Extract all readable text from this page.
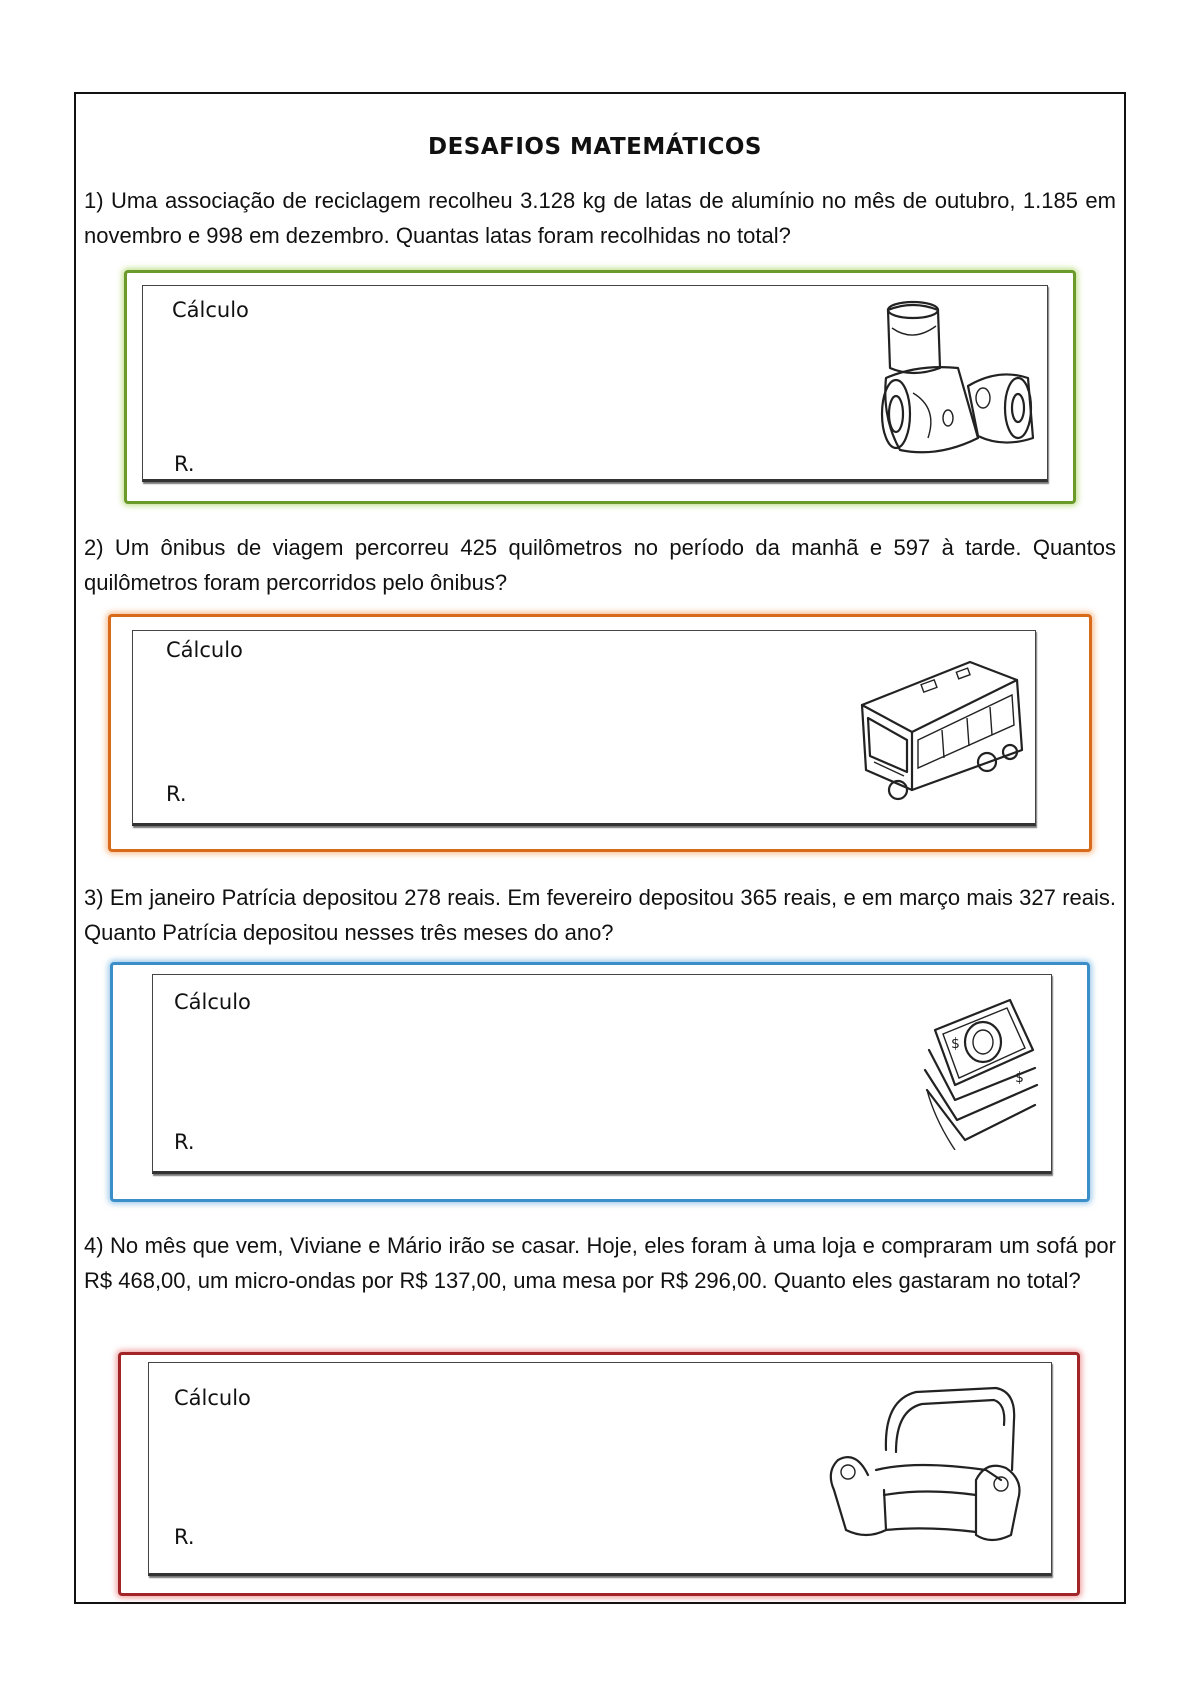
DESAFIOS MATEMÁTICOS

1) Uma associação de reciclagem recolheu 3.128 kg de latas de alumínio no mês de outubro, 1.185 em novembro e 998 em dezembro. Quantas latas foram recolhidas no total?

Cálculo
R.

2) Um ônibus de viagem percorreu 425 quilômetros no período da manhã e 597 à tarde. Quantos quilômetros foram percorridos pelo ônibus?

Cálculo
R.

3) Em janeiro Patrícia depositou 278 reais. Em fevereiro depositou 365 reais, e em março mais 327 reais. Quanto Patrícia depositou nesses três meses do ano?

Cálculo
R.
$
$

4) No mês que vem, Viviane e Mário irão se casar. Hoje, eles foram à uma loja e compraram um sofá por R$ 468,00, um micro-ondas por R$ 137,00, uma mesa por R$ 296,00. Quanto eles gastaram no total?

Cálculo
R.
